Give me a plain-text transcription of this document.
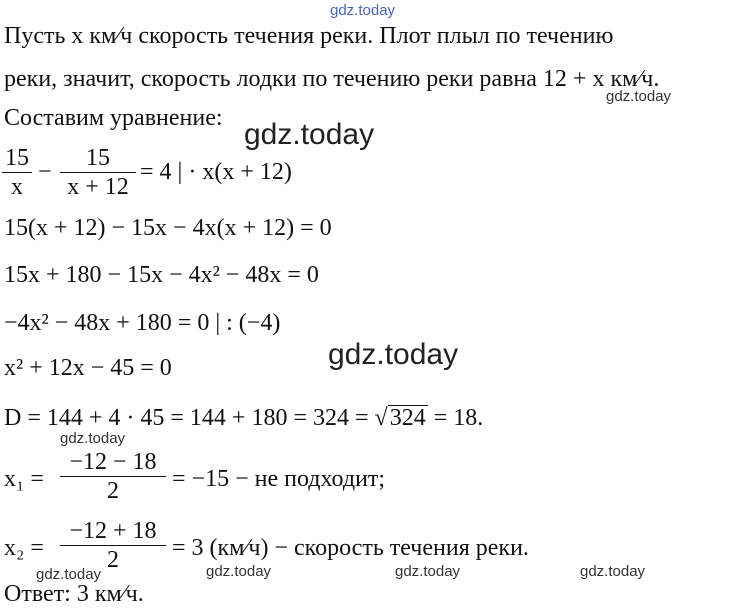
gdz.today
gdz.today
gdz.today
gdz.today
gdz.today
gdz.today	gdz.today	gdz.today	gdz.today
Пусть x км⁄ч скорость течения реки. Плот плыл по течению
реки, значит, скорость лодки по течению реки равна 12 + x км⁄ч.
Составим уравнение:
15
x
−
15
x + 12
= 4 | · x(x + 12)
15(x + 12) − 15x − 4x(x + 12) = 0
15x + 180 − 15x − 4x² − 48x = 0
−4x² − 48x + 180 = 0 | : (−4)
x² + 12x − 45 = 0
D = 144 + 4 · 45 = 144 + 180 = 324 = √324 = 18.
x₁ =
−12 − 18
2	= −15 − не подходит;
x₂ =
−12 + 18
2	= 3 (км⁄ч) − скорость течения реки.
Ответ: 3 км⁄ч.
